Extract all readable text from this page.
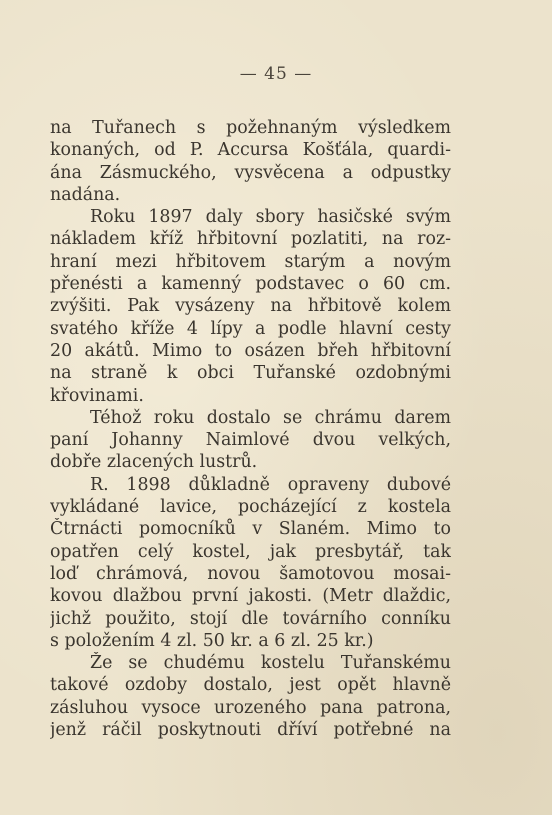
— 45 —
na Tuřanech s požehnaným výsledkem
konaných, od P. Accursa Košťála, quardi-
ána Zásmuckého, vysvěcena a odpustky
nadána.
Roku 1897 daly sbory hasičské svým
nákladem kříž hřbitovní pozlatiti, na roz-
hraní mezi hřbitovem starým a novým
přenésti a kamenný podstavec o 60 cm.
zvýšiti. Pak vysázeny na hřbitově kolem
svatého kříže 4 lípy a podle hlavní cesty
20 akátů. Mimo to osázen břeh hřbitovní
na straně k obci Tuřanské ozdobnými
křovinami.
Téhož roku dostalo se chrámu darem
paní Johanny Naimlové dvou velkých,
dobře zlacených lustrů.
R. 1898 důkladně opraveny dubové
vykládané lavice, pocházející z kostela
Čtrnácti pomocníků v Slaném. Mimo to
opatřen celý kostel, jak presbytář, tak
loď chrámová, novou šamotovou mosai-
kovou dlažbou první jakosti. (Metr dlaždic,
jichž použito, stojí dle továrního conníku
s položením 4 zl. 50 kr. a 6 zl. 25 kr.)
Že se chudému kostelu Tuřanskému
takové ozdoby dostalo, jest opět hlavně
zásluhou vysoce urozeného pana patrona,
jenž ráčil poskytnouti dříví potřebné na
